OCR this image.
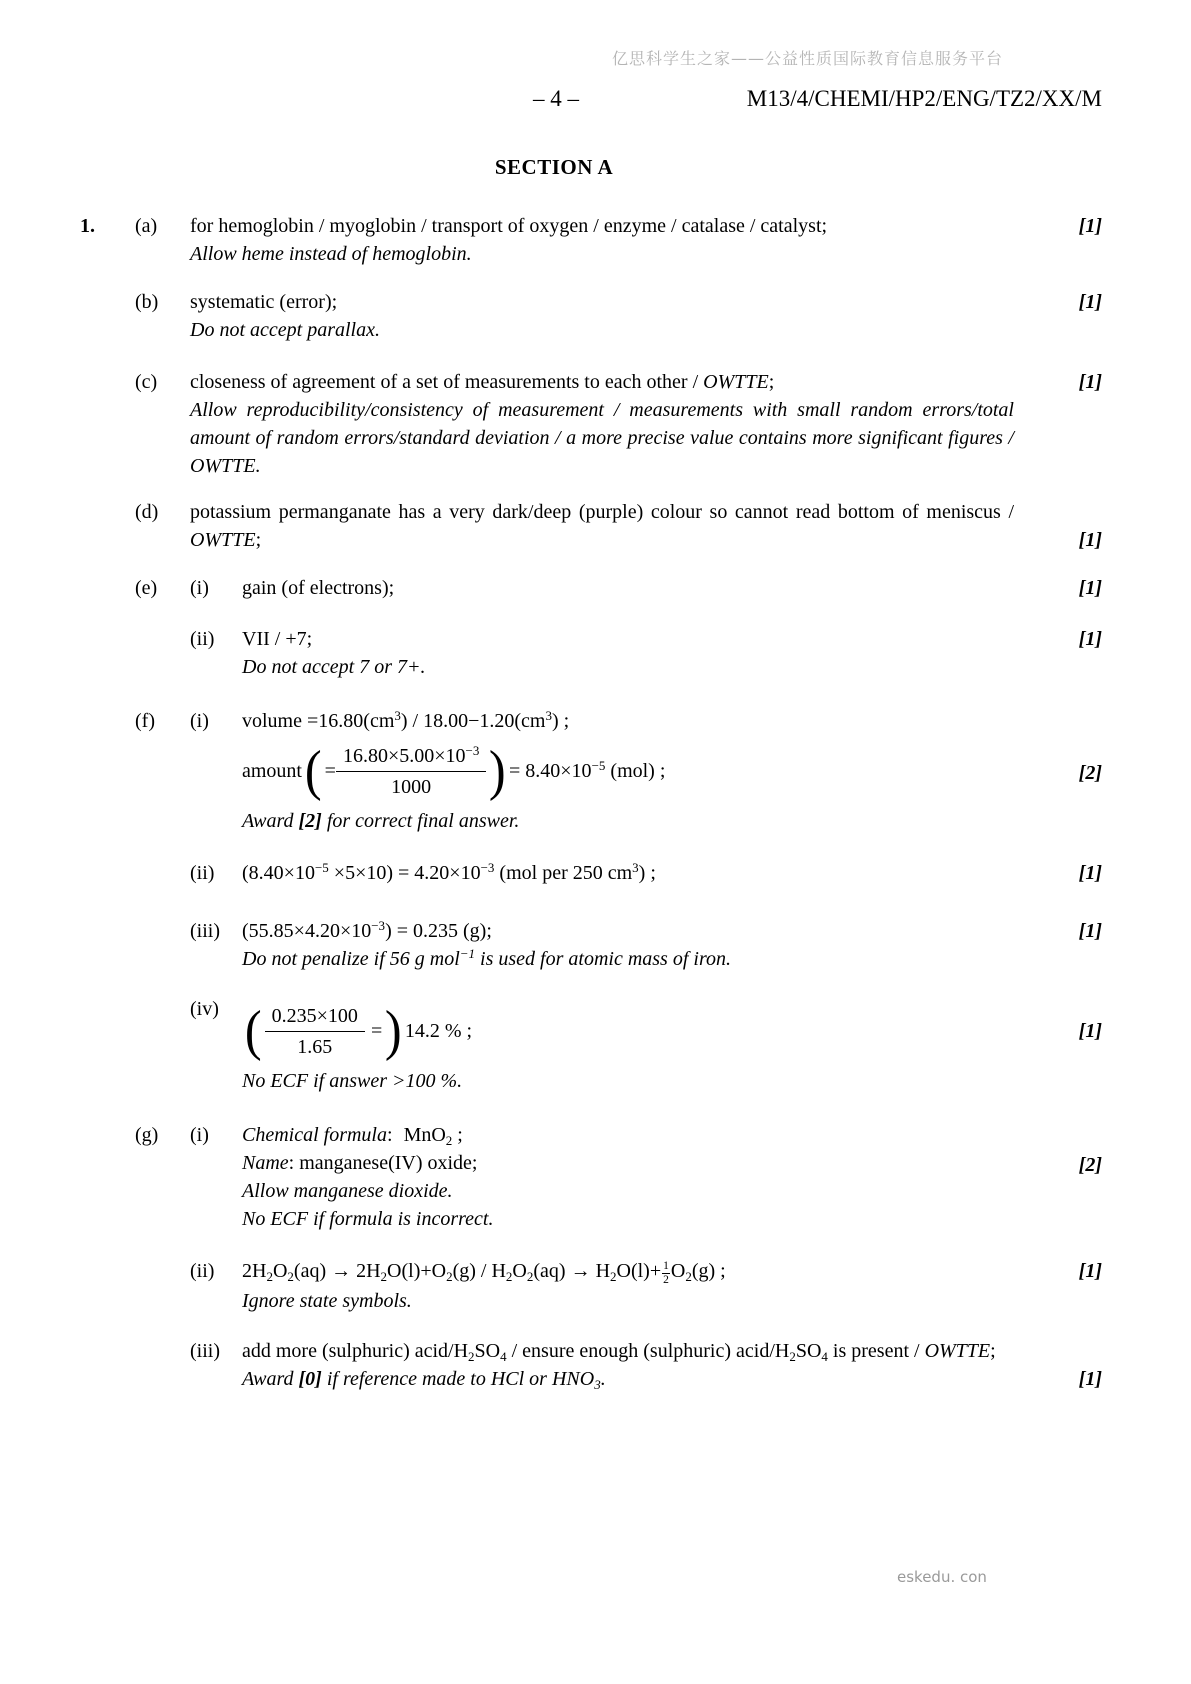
亿思科学生之家——公益性质国际教育信息服务平台
– 4 –	M13/4/CHEMI/HP2/ENG/TZ2/XX/M
SECTION A
1.	(a)	for hemoglobin / myoglobin / transport of oxygen / enzyme / catalase / catalyst;
Allow heme instead of hemoglobin.
[1]
(b)	systematic (error);
Do not accept parallax.
[1]
(c)	closeness of agreement of a set of measurements to each other / OWTTE;
Allow reproducibility/consistency of measurement / measurements with small random errors/total amount of random errors/standard deviation / a more precise value contains more significant figures / OWTTE.
[1]
(d)	potassium permanganate has a very dark/deep (purple) colour so cannot read bottom of meniscus / OWTTE;	[1]
(e)	(i)	gain (of electrons);	[1]
(ii)	VII / +7;
Do not accept 7 or 7+.
[1]
(f)	(i)	volume $=16.80(cm^3) / 18.00-1.20(cm^3)$ ;
amount ( = $\frac{16.80\times 5.00\times 10^{-3}}{1000}$ ) = $8.40\times 10^{-5}$ (mol) ;
Award [2] for correct final answer.
[2]
(ii)	$(8.40\times 10^{-5} \times 5\times 10) = 4.20\times 10^{-3}$ (mol per 250 $cm^3$) ;	[1]
(iii)	$(55.85\times 4.20\times 10^{-3}) = 0.235$ (g);
Do not penalize if 56 g mol$^{-1}$ is used for atomic mass of iron.
[1]
(iv) ( $\frac{0.235\times 100}{1.65}$ = ) 14.2 % ;
No ECF if answer >100 %.
[1]
(g)	(i)	Chemical formula: MnO$_2$ ;
Name: manganese(IV) oxide;
Allow manganese dioxide.
No ECF if formula is incorrect.
[2]
(ii)	$2H_2O_2(aq) \to 2H_2O(l)+O_2(g) / H_2O_2(aq) \to H_2O(l)+ \frac{1}{2} O_2(g)$ ;
Ignore state symbols.
[1]
(iii)	add more (sulphuric) acid/$H_2SO_4$ / ensure enough (sulphuric) acid/$H_2SO_4$ is present / OWTTE;
Award [0] if reference made to HCl or $HNO_3$.	[1]
eskedu. con
